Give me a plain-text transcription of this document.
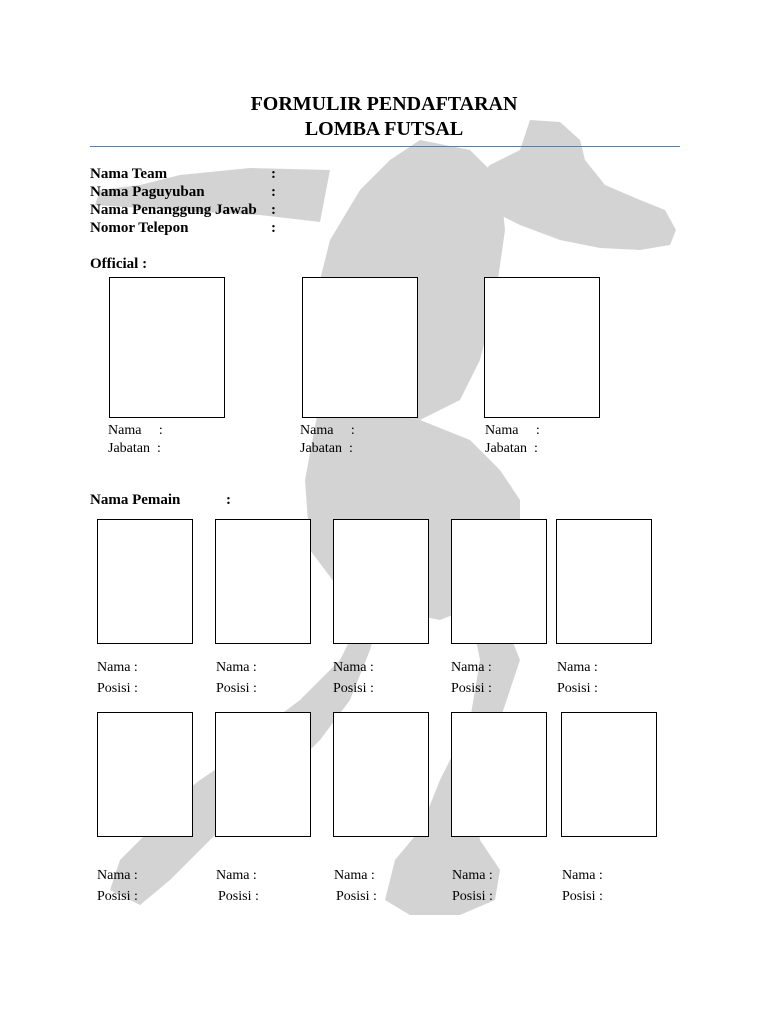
FORMULIR PENDAFTARAN
LOMBA FUTSAL
Nama Team	:
Nama Paguyuban	:
Nama Penanggung Jawab :
Nomor Telepon	:
Official :
Nama     :
Jabatan  :
Nama     :
Jabatan  :
Nama     :
Jabatan  :
Nama Pemain	:
Nama :
Posisi :
Nama :
Posisi :
Nama :
Posisi :
Nama :
Posisi :
Nama :
Posisi :
Nama :
Posisi :
Nama :
Posisi :
Nama :
Posisi :
Nama :
Posisi :
Nama :
Posisi :
